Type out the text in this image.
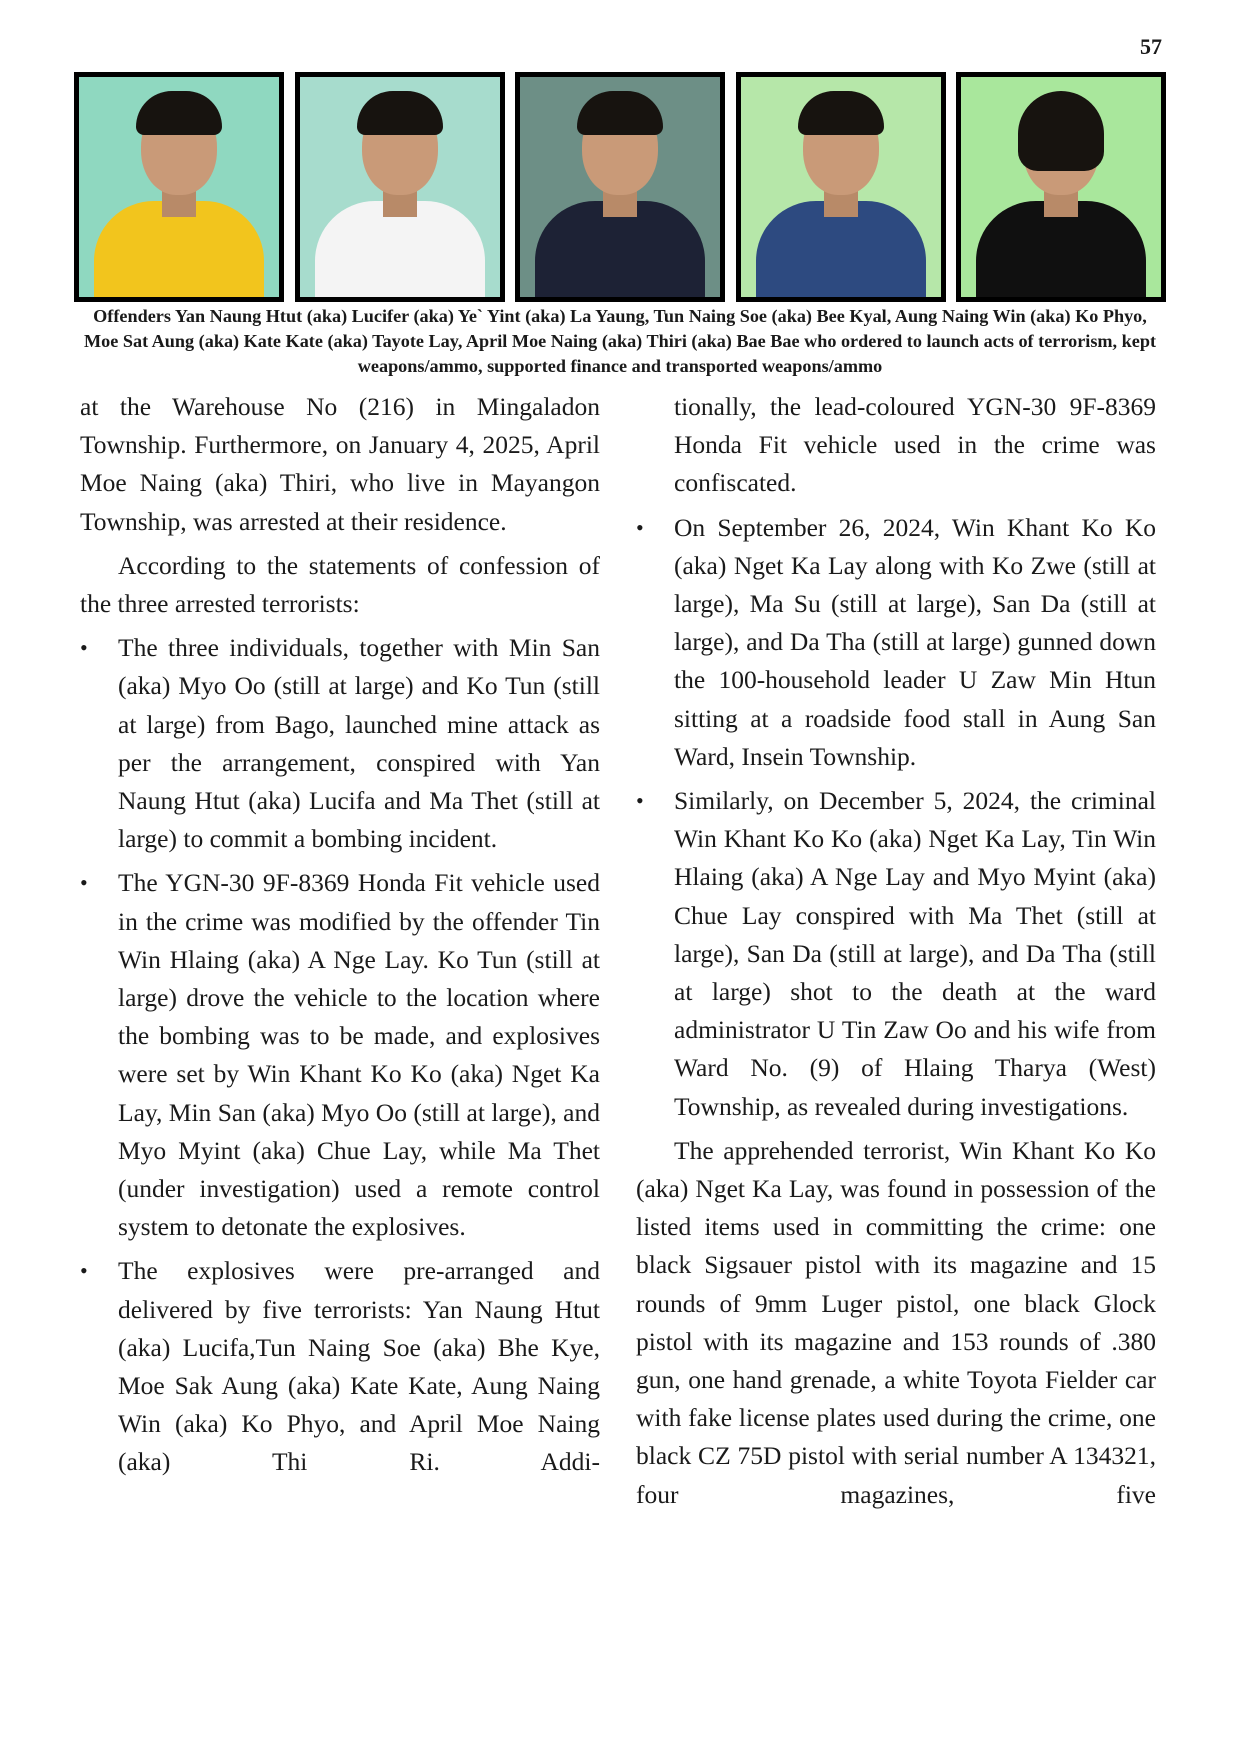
57
Offenders Yan Naung Htut (aka) Lucifer (aka) Ye` Yint (aka) La Yaung, Tun Naing Soe (aka) Bee Kyal, Aung Naing Win (aka) Ko Phyo, Moe Sat Aung (aka) Kate Kate (aka) Tayote Lay, April Moe Naing (aka) Thiri (aka) Bae Bae who ordered to launch acts of terrorism, kept weapons/ammo, supported finance and transported weapons/ammo

at the Warehouse No (216) in Mingaladon Township. Furthermore, on January 4, 2025, April Moe Naing (aka) Thiri, who live in Mayangon Township, was arrested at their residence.

According to the statements of confession of the three arrested terrorists:

• The three individuals, together with Min San (aka) Myo Oo (still at large) and Ko Tun (still at large) from Bago, launched mine attack as per the arrangement, conspired with Yan Naung Htut (aka) Lucifa and Ma Thet (still at large) to commit a bombing incident.
• The YGN-30 9F-8369 Honda Fit vehicle used in the crime was modified by the offender Tin Win Hlaing (aka) A Nge Lay. Ko Tun (still at large) drove the vehicle to the location where the bombing was to be made, and explosives were set by Win Khant Ko Ko (aka) Nget Ka Lay, Min San (aka) Myo Oo (still at large), and Myo Myint (aka) Chue Lay, while Ma Thet (under investigation) used a remote control system to detonate the explosives.
• The explosives were pre-arranged and delivered by five terrorists: Yan Naung Htut (aka) Lucifa,Tun Naing Soe (aka) Bhe Kye, Moe Sak Aung (aka) Kate Kate, Aung Naing Win (aka) Ko Phyo, and April Moe Naing (aka) Thi Ri. Addi-
tionally, the lead-coloured YGN-30 9F-8369 Honda Fit vehicle used in the crime was confiscated.
• On September 26, 2024, Win Khant Ko Ko (aka) Nget Ka Lay along with Ko Zwe (still at large), Ma Su (still at large), San Da (still at large), and Da Tha (still at large) gunned down the 100-household leader U Zaw Min Htun sitting at a roadside food stall in Aung San Ward, Insein Township.
• Similarly, on December 5, 2024, the criminal Win Khant Ko Ko (aka) Nget Ka Lay, Tin Win Hlaing (aka) A Nge Lay and Myo Myint (aka) Chue Lay conspired with Ma Thet (still at large), San Da (still at large), and Da Tha (still at large) shot to the death at the ward administrator U Tin Zaw Oo and his wife from Ward No. (9) of Hlaing Tharya (West) Township, as revealed during investigations.

The apprehended terrorist, Win Khant Ko Ko (aka) Nget Ka Lay, was found in possession of the listed items used in committing the crime: one black Sigsauer pistol with its magazine and 15 rounds of 9mm Luger pistol, one black Glock pistol with its magazine and 153 rounds of .380 gun, one hand grenade, a white Toyota Fielder car with fake license plates used during the crime, one black CZ 75D pistol with serial number A 134321, four magazines, five
